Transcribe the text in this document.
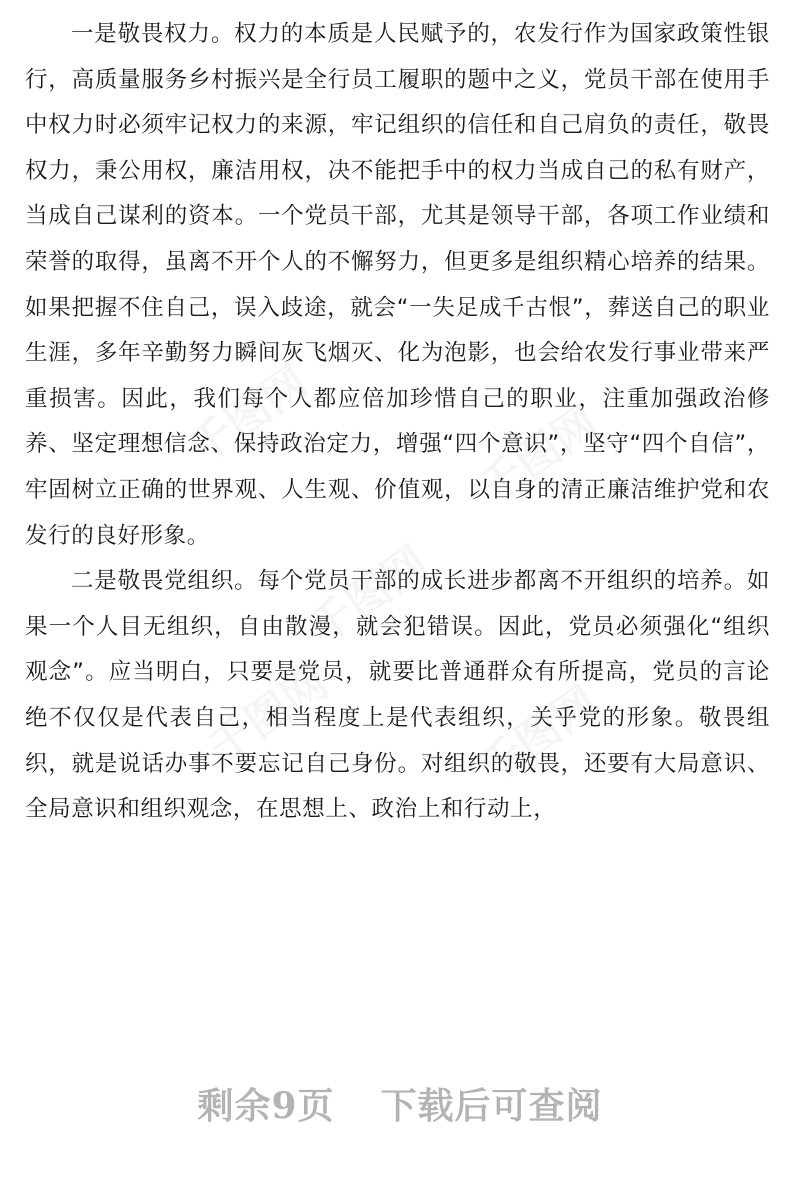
千图网	千图网
千图网
千图网	千图网

一是敬畏权力。权力的本质是人民赋予的，农发行作为国家政策性银行，高质量服务乡村振兴是全行员工履职的题中之义，党员干部在使用手中权力时必须牢记权力的来源，牢记组织的信任和自己肩负的责任，敬畏权力，秉公用权，廉洁用权，决不能把手中的权力当成自己的私有财产，当成自己谋利的资本。一个党员干部，尤其是领导干部，各项工作业绩和荣誉的取得，虽离不开个人的不懈努力，但更多是组织精心培养的结果。如果把握不住自己，误入歧途，就会“一失足成千古恨”，葬送自己的职业生涯，多年辛勤努力瞬间灰飞烟灭、化为泡影，也会给农发行事业带来严重损害。因此，我们每个人都应倍加珍惜自己的职业，注重加强政治修养、坚定理想信念、保持政治定力，增强“四个意识”，坚守“四个自信”，牢固树立正确的世界观、人生观、价值观，以自身的清正廉洁维护党和农发行的良好形象。

二是敬畏党组织。每个党员干部的成长进步都离不开组织的培养。如果一个人目无组织，自由散漫，就会犯错误。因此，党员必须强化“组织观念”。应当明白，只要是党员，就要比普通群众有所提高，党员的言论绝不仅仅是代表自己，相当程度上是代表组织，关乎党的形象。敬畏组织，就是说话办事不要忘记自己身份。对组织的敬畏，还要有大局意识、全局意识和组织观念，在思想上、政治上和行动上，

剩余9页 下载后可查阅
